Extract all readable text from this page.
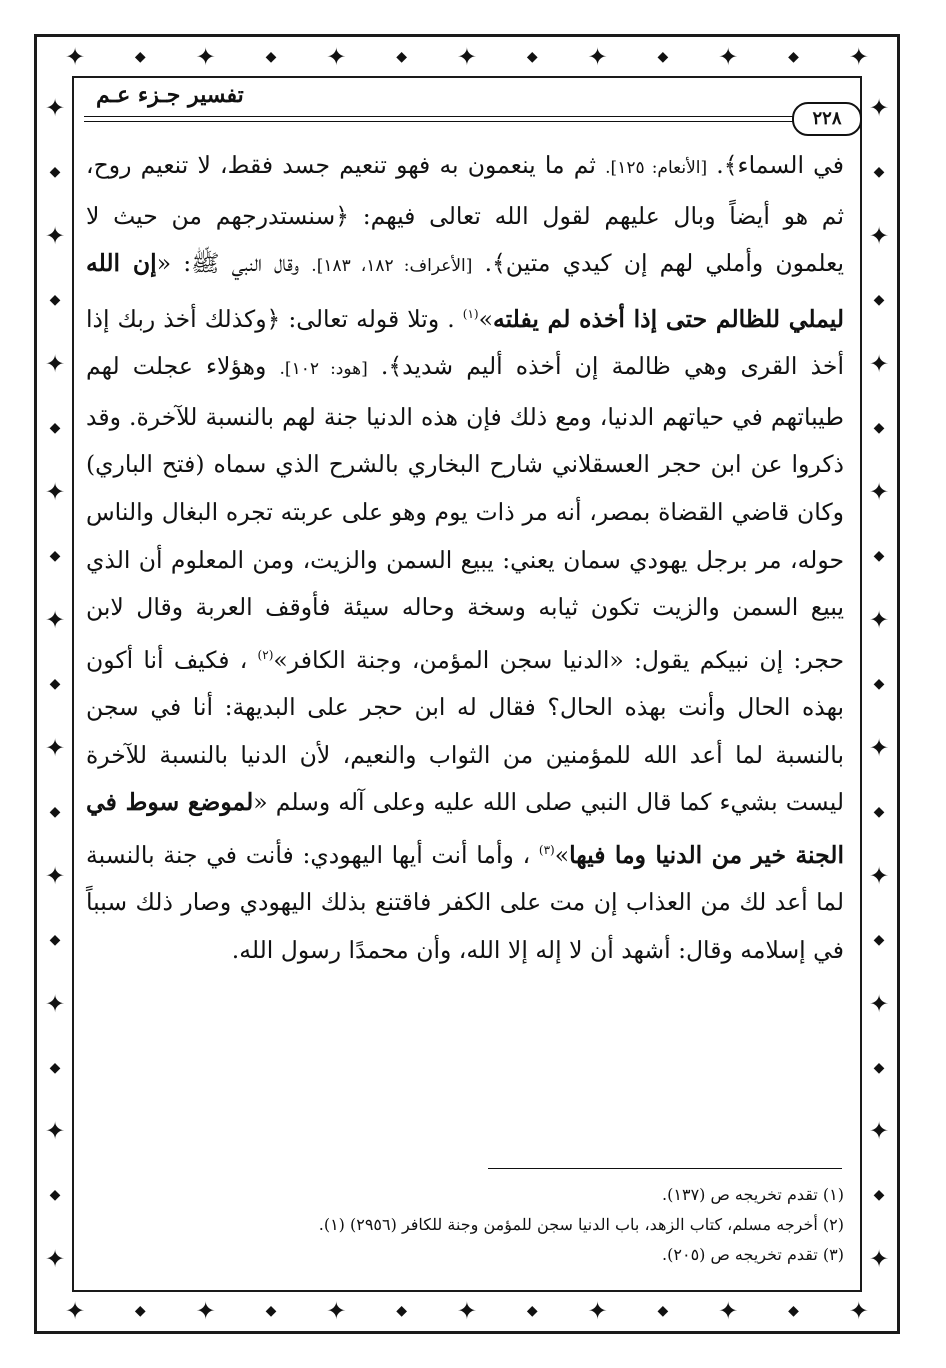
✦	◆ ✦	◆ ✦	◆ ✦	◆ ✦	◆ ✦	◆ ✦
✦	◆ ✦	◆ ✦	◆ ✦	◆ ✦	◆ ✦	◆ ✦
✦
◆
✦
◆
✦
◆
✦
◆
✦
◆
✦
◆
✦
◆
✦
◆
✦
◆
✦
✦
◆
✦
◆
✦
◆
✦
◆
✦
◆
✦
◆
✦
◆
✦
◆
✦
◆
✦
تفسير جـزء عـم
٢٢٨

في السماء﴾. [الأنعام: ١٢٥]. ثم ما ينعمون به فهو تنعيم جسد فقط، لا تنعيم روح، ثم هو أيضاً وبال عليهم لقول الله تعالى فيهم: ﴿سنستدرجهم من حيث لا يعلمون وأملي لهم إن كيدي متين﴾. [الأعراف: ١٨٢، ١٨٣]. وقال النبي ﷺ: «إن الله ليملي للظالم حتى إذا أخذه لم يفلته»$^{(١)}$ . وتلا قوله تعالى: ﴿وكذلك أخذ ربك إذا أخذ القرى وهي ظالمة إن أخذه أليم شديد﴾. [هود: ١٠٢]. وهؤلاء عجلت لهم طيباتهم في حياتهم الدنيا، ومع ذلك فإن هذه الدنيا جنة لهم بالنسبة للآخرة. وقد ذكروا عن ابن حجر العسقلاني شارح البخاري بالشرح الذي سماه (فتح الباري) وكان قاضي القضاة بمصر، أنه مر ذات يوم وهو على عربته تجره البغال والناس حوله، مر برجل يهودي سمان يعني: يبيع السمن والزيت، ومن المعلوم أن الذي يبيع السمن والزيت تكون ثيابه وسخة وحاله سيئة فأوقف العربة وقال لابن حجر: إن نبيكم يقول: «الدنيا سجن المؤمن، وجنة الكافر»$^{(٢)}$ ، فكيف أنا أكون بهذه الحال وأنت بهذه الحال؟ فقال له ابن حجر على البديهة: أنا في سجن بالنسبة لما أعد الله للمؤمنين من الثواب والنعيم، لأن الدنيا بالنسبة للآخرة ليست بشيء كما قال النبي صلى الله عليه وعلى آله وسلم «لموضع سوط في الجنة خير من الدنيا وما فيها»$^{(٣)}$ ، وأما أنت أيها اليهودي: فأنت في جنة بالنسبة لما أعد لك من العذاب إن مت على الكفر فاقتنع بذلك اليهودي وصار ذلك سبباً في إسلامه وقال: أشهد أن لا إله إلا الله، وأن محمدًا رسول الله.

(١) تقدم تخريجه ص (١٣٧).
(٢) أخرجه مسلم، كتاب الزهد، باب الدنيا سجن للمؤمن وجنة للكافر (٢٩٥٦) (١).
(٣) تقدم تخريجه ص (٢٠٥).
